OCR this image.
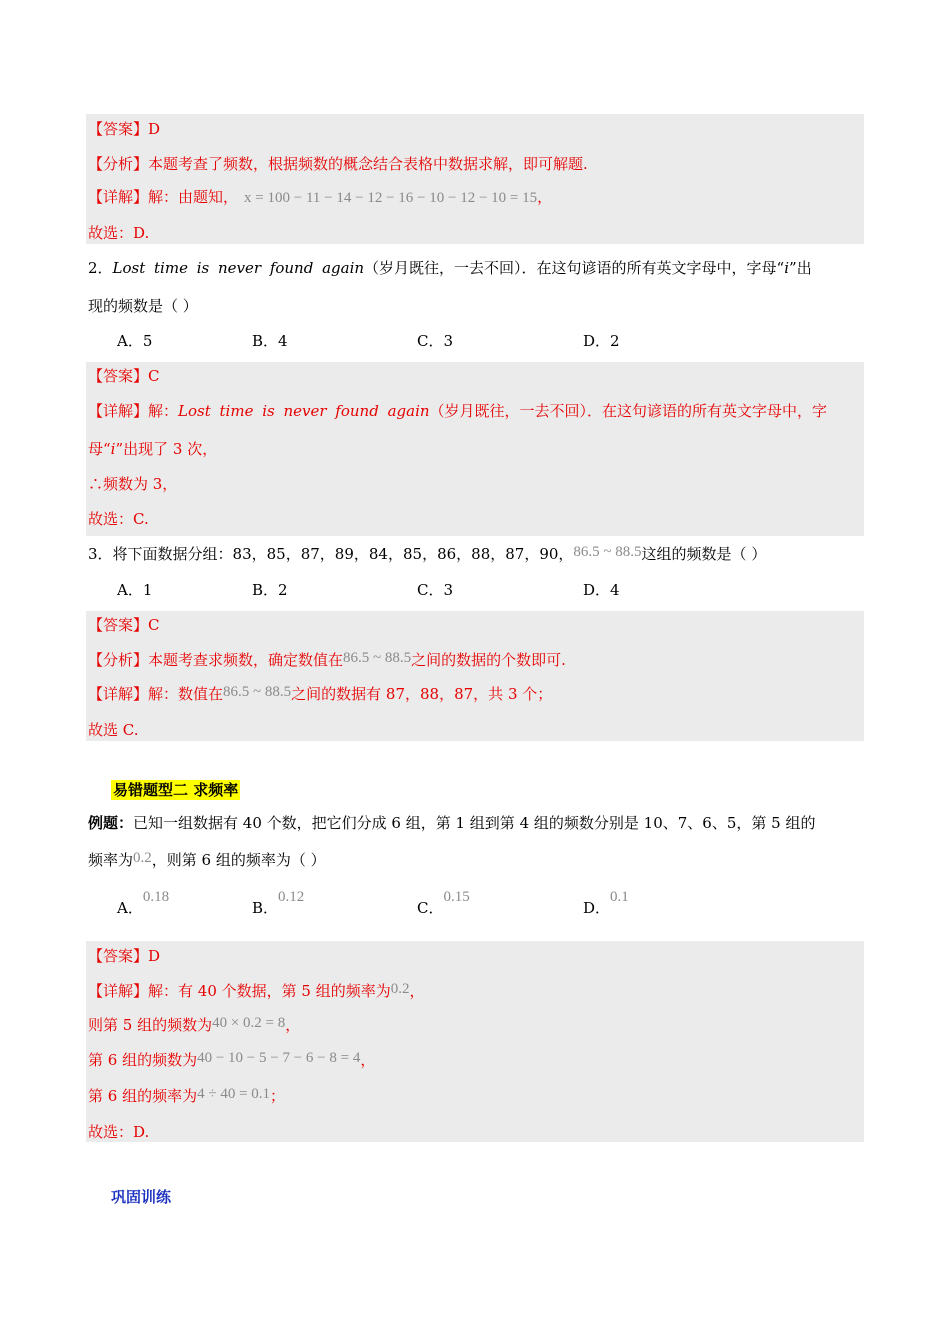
【答案】D
【分析】本题考查了频数，根据频数的概念结合表格中数据求解，即可解题.
【详解】解：由题知， x = 100 − 11 − 14 − 12 − 16 − 10 − 12 − 10 = 15，
故选：D.
2．Lost time is never found again（岁月既往，一去不回）．在这句谚语的所有英文字母中，字母“i”出
现的频数是（ ）
A．5	B．4	C．3	D．2
【答案】C
【详解】解：Lost time is never found again（岁月既往，一去不回）．在这句谚语的所有英文字母中，字
母“i”出现了 3 次，
∴频数为 3，
故选：C.
3．将下面数据分组：83，85，87，89，84，85，86，88，87，90，86.5 ~ 88.5这组的频数是（ ）
A．1	B．2	C．3	D．4
【答案】C
【分析】本题考查求频数，确定数值在86.5 ~ 88.5之间的数据的个数即可.
【详解】解：数值在86.5 ~ 88.5之间的数据有 87，88，87，共 3 个；
故选 C.
易错题型二 求频率
例题：已知一组数据有 40 个数，把它们分成 6 组，第 1 组到第 4 组的频数分别是 10、7、6、5，第 5 组的
频率为0.2，则第 6 组的频率为（ ）
A．0.18
B．0.12
C．0.15
D．0.1
【答案】D
【详解】解：有 40 个数据，第 5 组的频率为0.2，
则第 5 组的频数为40 × 0.2 = 8，
第 6 组的频数为40 − 10 − 5 − 7 − 6 − 8 = 4，
第 6 组的频率为4 ÷ 40 = 0.1；
故选：D.
巩固训练
